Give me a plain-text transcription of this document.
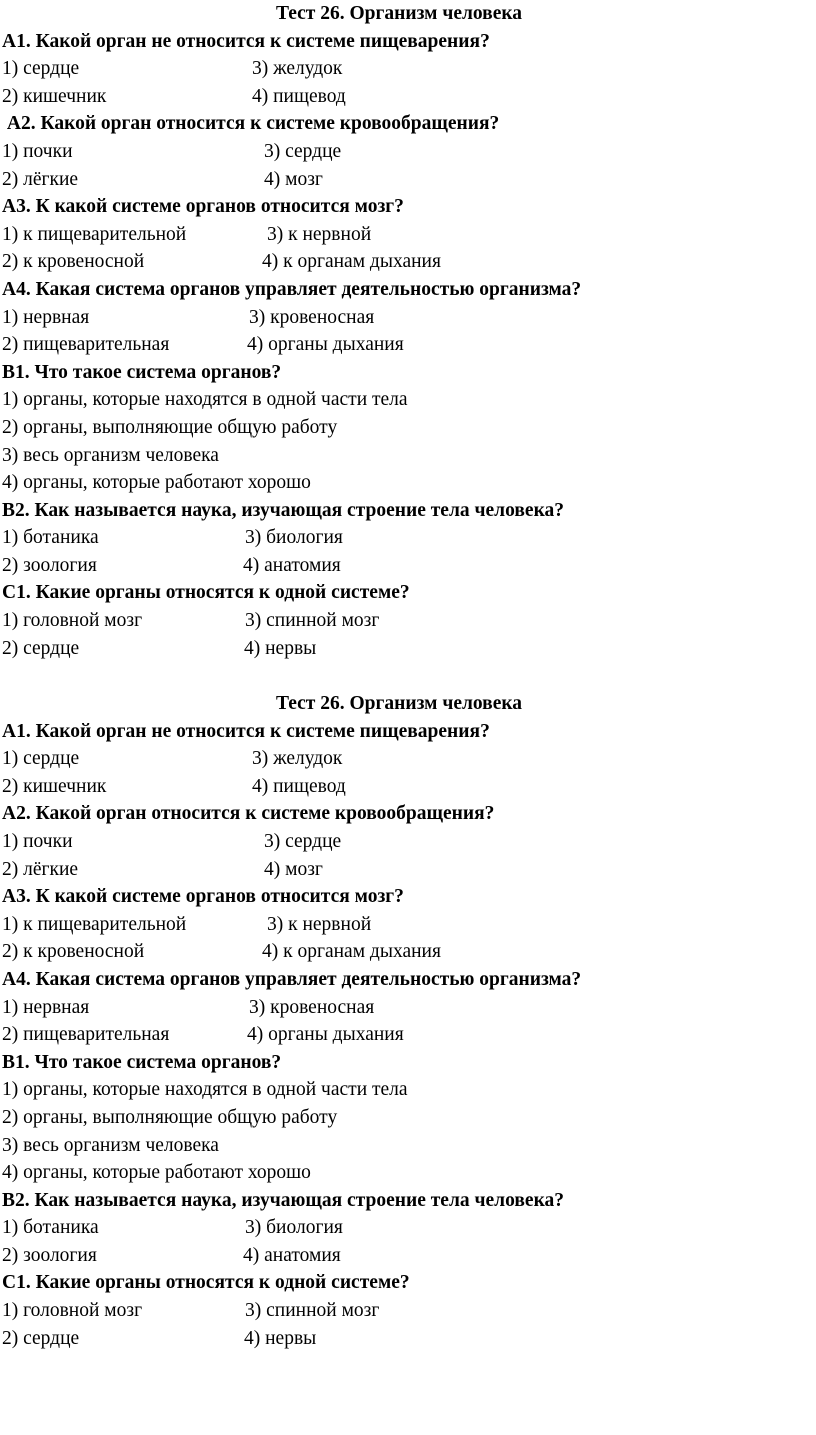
Тест 26. Организм человека
А1. Какой орган не относится к системе пищеварения?

1) сердце

	3) желудок

2) кишечник

	4) пищевод

А2. Какой орган относится к системе кровообращения?

1) почки

	3) сердце

2) лёгкие

	4) мозг

А3. К какой системе органов относится мозг?

1) к пищеварительной

	3) к нервной

2) к кровеносной

	4) к органам дыхания

А4. Какая система органов управляет деятельностью организма?

1) нервная

	3) кровеносная

2) пищеварительная

	4) органы дыхания

В1. Что такое система органов?
1) органы, которые находятся в одной части тела
2) органы, выполняющие общую работу
3) весь организм человека
4) органы, которые работают хорошо
В2. Как называется наука, изучающая строение тела человека?

1) ботаника

	3) биология

2) зоология

	4) анатомия

С1. Какие органы относятся к одной системе?

1) головной мозг

	3) спинной мозг

2) сердце

	4) нервы

Тест 26. Организм человека
А1. Какой орган не относится к системе пищеварения?

1) сердце

	3) желудок

2) кишечник

	4) пищевод

А2. Какой орган относится к системе кровообращения?

1) почки

	3) сердце

2) лёгкие

	4) мозг

А3. К какой системе органов относится мозг?

1) к пищеварительной

	3) к нервной

2) к кровеносной

	4) к органам дыхания

А4. Какая система органов управляет деятельностью организма?

1) нервная

	3) кровеносная

2) пищеварительная

	4) органы дыхания

В1. Что такое система органов?
1) органы, которые находятся в одной части тела
2) органы, выполняющие общую работу
3) весь организм человека
4) органы, которые работают хорошо
В2. Как называется наука, изучающая строение тела человека?

1) ботаника

	3) биология

2) зоология

	4) анатомия

С1. Какие органы относятся к одной системе?

1) головной мозг

	3) спинной мозг

2) сердце

	4) нервы
